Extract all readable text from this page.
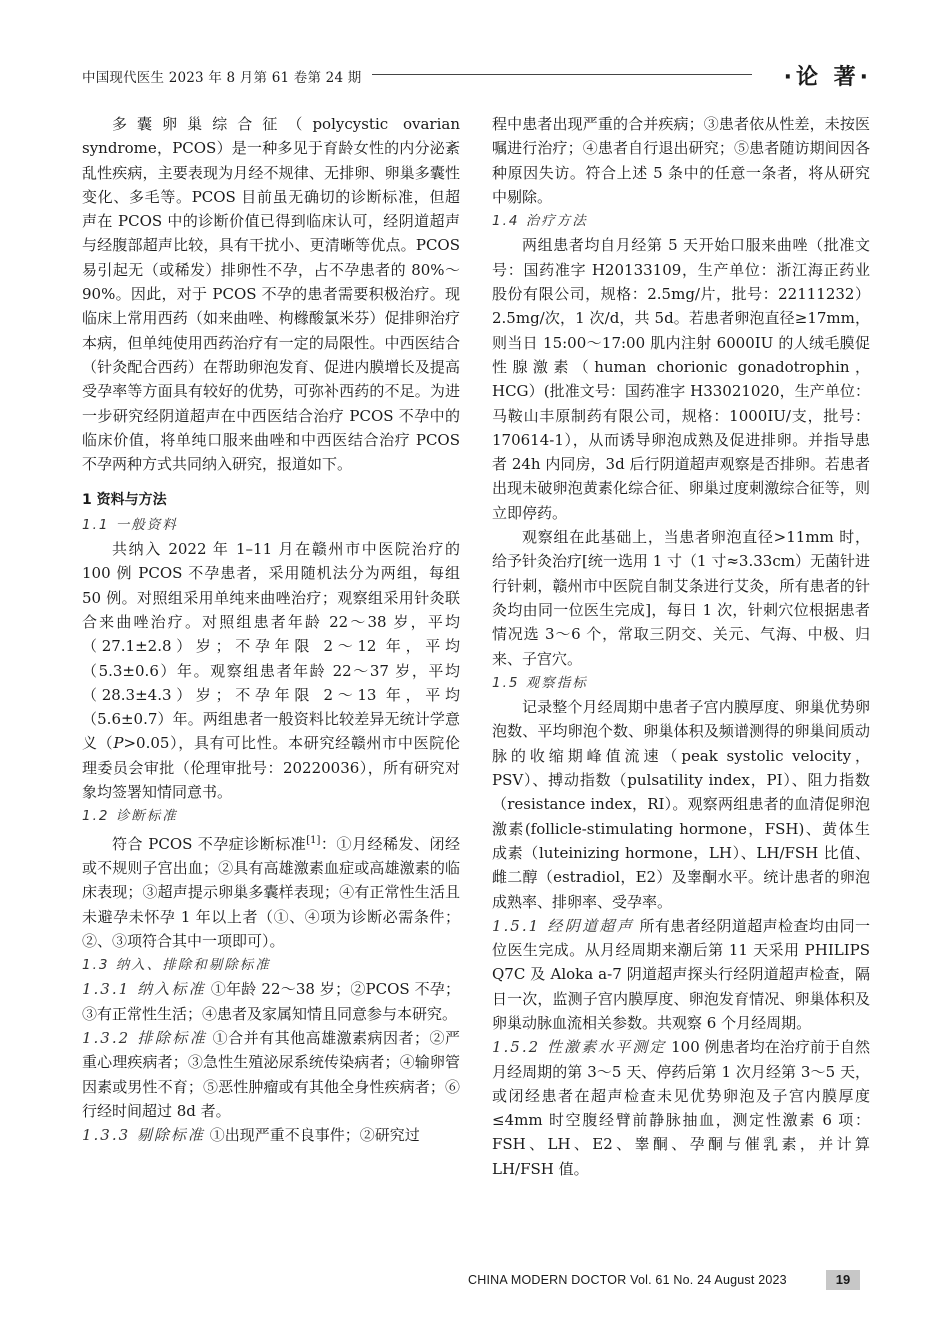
中国现代医生 2023 年 8 月第 61 卷第 24 期	·论 著·

多囊卵巢综合征（polycystic ovarian syndrome，PCOS）是一种多见于育龄女性的内分泌紊乱性疾病，主要表现为月经不规律、无排卵、卵巢多囊性变化、多毛等。PCOS 目前虽无确切的诊断标准，但超声在 PCOS 中的诊断价值已得到临床认可，经阴道超声与经腹部超声比较，具有干扰小、更清晰等优点。PCOS 易引起无（或稀发）排卵性不孕，占不孕患者的 80%～90%。因此，对于 PCOS 不孕的患者需要积极治疗。现临床上常用西药（如来曲唑、枸橼酸氯米芬）促排卵治疗本病，但单纯使用西药治疗有一定的局限性。中西医结合（针灸配合西药）在帮助卵泡发育、促进内膜增长及提高受孕率等方面具有较好的优势，可弥补西药的不足。为进一步研究经阴道超声在中西医结合治疗 PCOS 不孕中的临床价值，将单纯口服来曲唑和中西医结合治疗 PCOS 不孕两种方式共同纳入研究，报道如下。

1 资料与方法
1.1 一般资料

共纳入 2022 年 1–11 月在赣州市中医院治疗的 100 例 PCOS 不孕患者，采用随机法分为两组，每组 50 例。对照组采用单纯来曲唑治疗；观察组采用针灸联合来曲唑治疗。对照组患者年龄 22～38 岁，平均（27.1±2.8）岁；不孕年限 2～12 年，平均（5.3±0.6）年。观察组患者年龄 22～37 岁，平均（28.3±4.3）岁；不孕年限 2～13 年，平均（5.6±0.7）年。两组患者一般资料比较差异无统计学意义（P>0.05），具有可比性。本研究经赣州市中医院伦理委员会审批（伦理审批号：20220036），所有研究对象均签署知情同意书。

1.2 诊断标准

符合 PCOS 不孕症诊断标准[1]：①月经稀发、闭经或不规则子宫出血；②具有高雄激素血症或高雄激素的临床表现；③超声提示卵巢多囊样表现；④有正常性生活且未避孕未怀孕 1 年以上者（①、④项为诊断必需条件；②、③项符合其中一项即可）。

1.3 纳入、排除和剔除标准

1.3.1 纳入标准 ①年龄 22～38 岁；②PCOS 不孕；③有正常性生活；④患者及家属知情且同意参与本研究。

1.3.2 排除标准 ①合并有其他高雄激素病因者；②严重心理疾病者；③急性生殖泌尿系统传染病者；④输卵管因素或男性不育；⑤恶性肿瘤或有其他全身性疾病者；⑥行经时间超过 8d 者。

1.3.3 剔除标准 ①出现严重不良事件；②研究过

程中患者出现严重的合并疾病；③患者依从性差，未按医嘱进行治疗；④患者自行退出研究；⑤患者随访期间因各种原因失访。符合上述 5 条中的任意一条者，将从研究中剔除。

1.4 治疗方法

两组患者均自月经第 5 天开始口服来曲唑（批准文号：国药准字 H20133109，生产单位：浙江海正药业股份有限公司，规格：2.5mg/片，批号：22111232）2.5mg/次，1 次/d，共 5d。若患者卵泡直径≥17mm，则当日 15:00～17:00 肌内注射 6000IU 的人绒毛膜促性腺激素（human chorionic gonadotrophin，HCG）(批准文号：国药准字 H33021020，生产单位：马鞍山丰原制药有限公司，规格：1000IU/支，批号：170614-1），从而诱导卵泡成熟及促进排卵。并指导患者 24h 内同房，3d 后行阴道超声观察是否排卵。若患者出现未破卵泡黄素化综合征、卵巢过度刺激综合征等，则立即停药。

观察组在此基础上，当患者卵泡直径>11mm 时，给予针灸治疗[统一选用 1 寸（1 寸≈3.33cm）无菌针进行针刺，赣州市中医院自制艾条进行艾灸，所有患者的针灸均由同一位医生完成]，每日 1 次，针刺穴位根据患者情况选 3～6 个，常取三阴交、关元、气海、中极、归来、子宫穴。

1.5 观察指标

记录整个月经周期中患者子宫内膜厚度、卵巢优势卵泡数、平均卵泡个数、卵巢体积及频谱测得的卵巢间质动脉的收缩期峰值流速（peak systolic velocity，PSV）、搏动指数（pulsatility index，PI）、阻力指数（resistance index，RI）。观察两组患者的血清促卵泡激素(follicle-stimulating hormone，FSH)、黄体生成素（luteinizing hormone，LH）、LH/FSH 比值、雌二醇（estradiol，E2）及睾酮水平。统计患者的卵泡成熟率、排卵率、受孕率。

1.5.1 经阴道超声 所有患者经阴道超声检查均由同一位医生完成。从月经周期来潮后第 11 天采用 PHILIPS Q7C 及 Aloka a-7 阴道超声探头行经阴道超声检查，隔日一次，监测子宫内膜厚度、卵泡发育情况、卵巢体积及卵巢动脉血流相关参数。共观察 6 个月经周期。

1.5.2 性激素水平测定 100 例患者均在治疗前于自然月经周期的第 3～5 天、停药后第 1 次月经第 3～5 天，或闭经患者在超声检查未见优势卵泡及子宫内膜厚度≤4mm 时空腹经臂前静脉抽血，测定性激素 6 项：FSH、LH、E2、睾酮、孕酮与催乳素，并计算 LH/FSH 值。

CHINA MODERN DOCTOR Vol. 61 No. 24 August 2023	19
